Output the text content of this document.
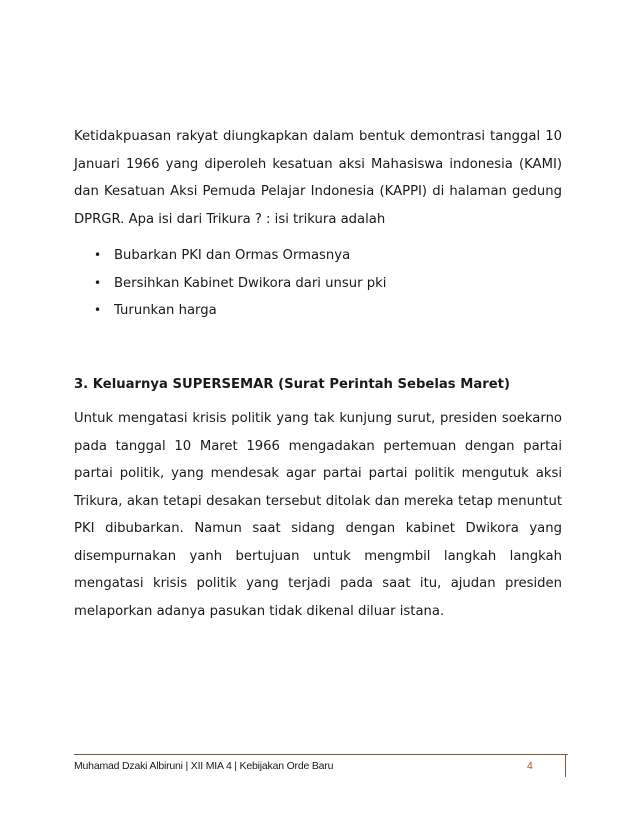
Ketidakpuasan rakyat diungkapkan dalam bentuk demontrasi tanggal 10 Januari 1966 yang diperoleh kesatuan aksi Mahasiswa indonesia (KAMI) dan Kesatuan Aksi Pemuda Pelajar Indonesia (KAPPI) di halaman gedung DPRGR. Apa isi dari Trikura ? : isi trikura adalah

• Bubarkan PKI dan Ormas Ormasnya
• Bersihkan Kabinet Dwikora dari unsur pki
• Turunkan harga
3. Keluarnya SUPERSEMAR (Surat Perintah Sebelas Maret)

Untuk mengatasi krisis politik yang tak kunjung surut, presiden soekarno pada tanggal 10 Maret 1966 mengadakan pertemuan dengan partai partai politik, yang mendesak agar partai partai politik mengutuk aksi Trikura, akan tetapi desakan tersebut ditolak dan mereka tetap menuntut PKI dibubarkan. Namun saat sidang dengan kabinet Dwikora yang disempurnakan yanh bertujuan untuk mengmbil langkah langkah mengatasi krisis politik yang terjadi pada saat itu, ajudan presiden melaporkan adanya pasukan tidak dikenal diluar istana.

Muhamad Dzaki Albiruni | XII MIA 4 | Kebijakan Orde Baru	4
